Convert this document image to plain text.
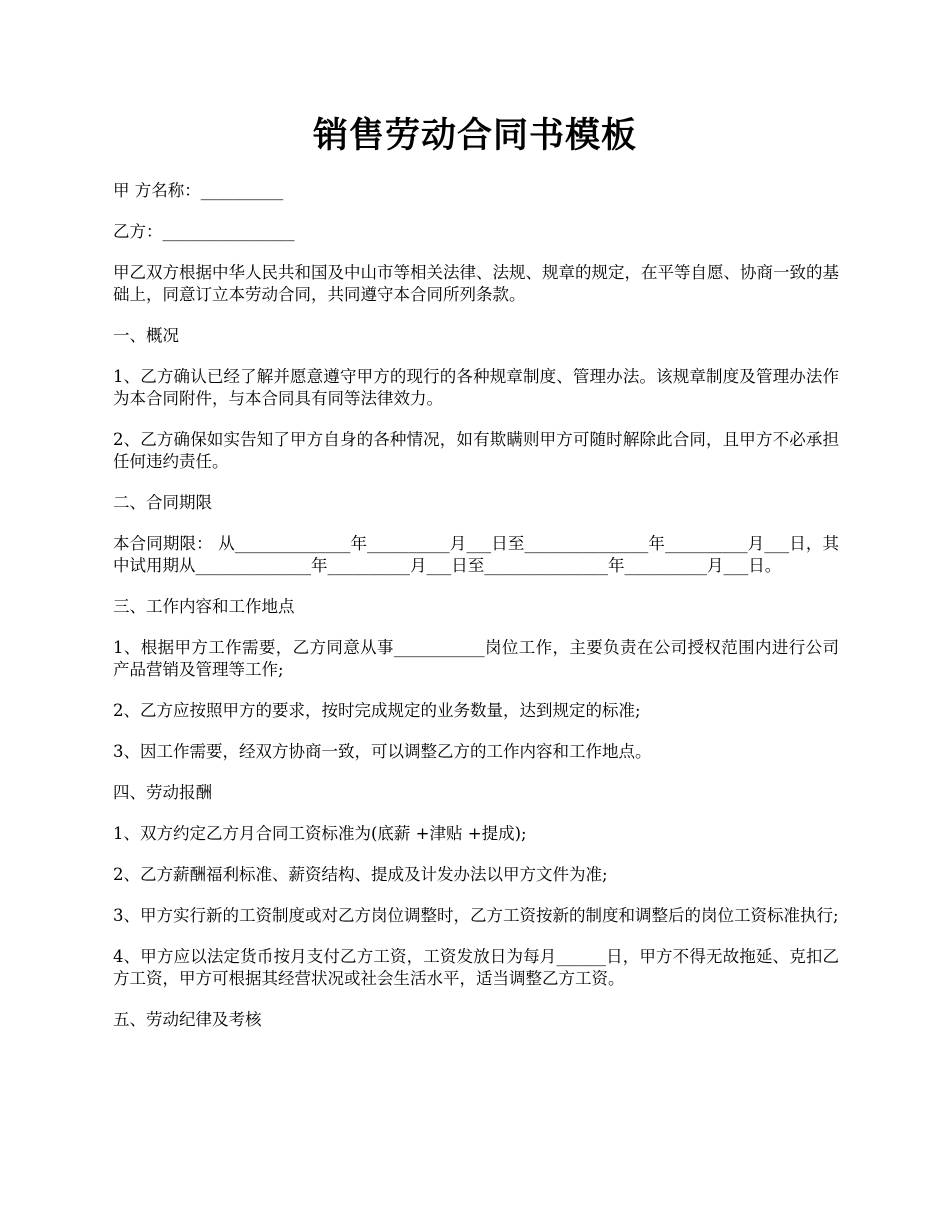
销售劳动合同书模板

甲 方名称：__________

乙方：________________

甲乙双方根据中华人民共和国及中山市等相关法律、法规、规章的规定，在平等自愿、协商一致的基础上，同意订立本劳动合同，共同遵守本合同所列条款。

一、概况

1、乙方确认已经了解并愿意遵守甲方的现行的各种规章制度、管理办法。该规章制度及管理办法作为本合同附件，与本合同具有同等法律效力。

2、乙方确保如实告知了甲方自身的各种情况，如有欺瞒则甲方可随时解除此合同，且甲方不必承担任何违约责任。

二、合同期限

本合同期限： 从______________年__________月___日至_______________年__________月___日，其中试用期从______________年__________月___日至_______________年__________月___日。

三、工作内容和工作地点

1、根据甲方工作需要，乙方同意从事___________岗位工作，主要负责在公司授权范围内进行公司产品营销及管理等工作;

2、乙方应按照甲方的要求，按时完成规定的业务数量，达到规定的标准;

3、因工作需要，经双方协商一致，可以调整乙方的工作内容和工作地点。

四、劳动报酬

1、双方约定乙方月合同工资标准为(底薪 +津贴 +提成);

2、乙方薪酬福利标准、薪资结构、提成及计发办法以甲方文件为准;

3、甲方实行新的工资制度或对乙方岗位调整时，乙方工资按新的制度和调整后的岗位工资标准执行;

4、甲方应以法定货币按月支付乙方工资，工资发放日为每月______日，甲方不得无故拖延、克扣乙方工资，甲方可根据其经营状况或社会生活水平，适当调整乙方工资。

五、劳动纪律及考核
